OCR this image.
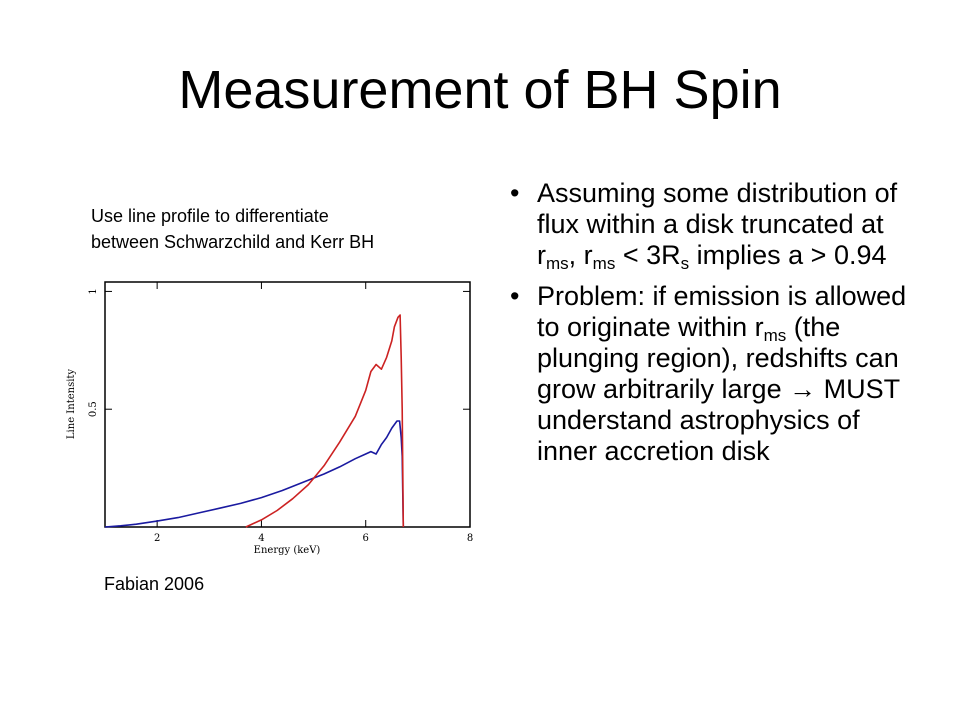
Measurement of BH Spin
Use line profile to differentiate
between Schwarzchild and Kerr BH
0.5
1
2	4	6	8
Energy (keV)
Line Intensity
Fabian 2006
• Assuming some distribution of flux within a disk truncated at $r_{ms}$, $r_{ms} < 3R_s$ implies a > 0.94
• Problem: if emission is allowed to originate within $r_{ms}$ (the plunging region), redshifts can grow arbitrarily large → MUST understand astrophysics of inner accretion disk
